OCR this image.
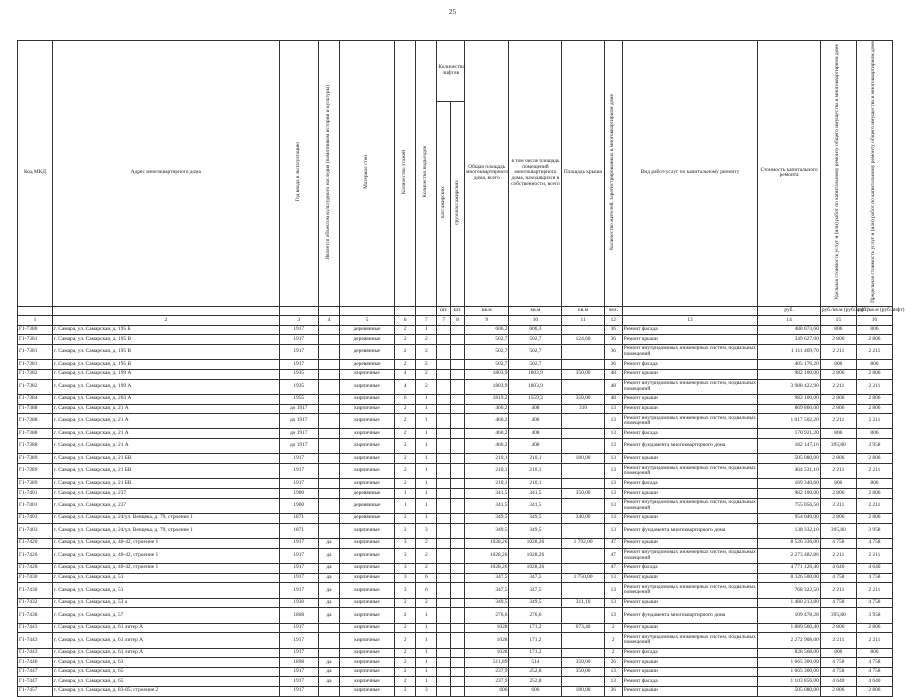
25
Код МКД	Адрес многоквартирного дома	Год ввода в эксплуатацию	Является объектом культурного наследия (памятником истории и культуры)	Материал стен	Количество этажей	Количество подъездов	Количество лифтов		Общая площадь многоквартирного дома, всего	в том числе площадь помещений многоквартирного дома, находящихся в собственности, всего	Площадь крыши	Количество жителей, зарегистрированных в многоквартирном доме	Вид работ/услуг по капитальному ремонту	Стоимость капитального ремонта	Удельная стоимость услуг и (или) работ по капитальному ремонту общего имущества в многоквартирном доме	Предельная стоимость услуг и (или) работ по капитальному ремонту общего имущества в многоквартирном доме
							пассажирских	грузопассажирских								
							шт.	шт.	кв.м	кв.м	кв.м	чел.		руб.	руб./кв.м (руб/лифт)	руб./кв.м (руб/лифт)
1	2	3	4	5	6	7	7	8	9	10	11	12	13	14	15	16
Г1-7380	г. Самара, ул. Самарская, д. 195 Б	1917		деревянные	2	1			606,3	606,3		36	Ремонт фасада	488 673,60	806	806
Г1-7381	г. Самара, ул. Самарская, д. 195 В	1917		деревянные	2	2			502,7	502,7	124,60	36	Ремонт крыши	349 627,00	2 806	2 806
Г1-7381	г. Самара, ул. Самарская, д. 195 В	1917		деревянные	2	2			502,7	502,7		36	Ремонт внутридомовых инженерных систем, подвальных помещений	1 111 469,70	2 211	2 211
Г1-7381	г. Самара, ул. Самарская, д. 195 В	1917		деревянные	2	2			502,7	502,7		36	Ремонт фасада	405 176,20	806	806
Г1-7382	г. Самара, ул. Самарская, д. 199 А	1935		кирпичные	4	2			1803,9	1803,9	350,00	48	Ремонт крыши	982 100,00	2 806	2 806
Г1-7382	г. Самара, ул. Самарская, д. 199 А	1935		кирпичные	4	2			1803,9	1803,9		48	Ремонт внутридомовых инженерных систем, подвальных помещений	3 988 422,90	2 211	2 211
Г1-7384	г. Самара, ул. Самарская, д. 203 А	1955		кирпичные	6	1			1819,2	1559,3	350,00	48	Ремонт крыши	982 100,00	2 806	2 806
Г1-7388	г. Самара, ул. Самарская, д. 21 А	до 1917		кирпичные	2	1			460,2	408	310	13	Ремонт крыши	869 860,00	2 806	2 806
Г1-7388	г. Самара, ул. Самарская, д. 21 А	до 1917		кирпичные	2	1			460,2	408		13	Ремонт внутридомовых инженерных систем, подвальных помещений	1 017 502,20	2 211	2 211
Г1-7388	г. Самара, ул. Самарская, д. 21 А	до 1917		кирпичные	2	1			460,2	408		13	Ремонт фасада	170 921,20	806	806
Г1-7388	г. Самара, ул. Самарская, д. 21 А	до 1917		кирпичные	2	1			460,2	408		13	Ремонт фундамента многоквартирного дома	182 147,16	395,80	3 958
Г1-7389	г. Самара, ул. Самарская, д. 21 БВ	1917		кирпичные	2	1			210,1	210,1	180,00	13	Ремонт крыши	505 080,00	2 806	2 806
Г1-7389	г. Самара, ул. Самарская, д. 21 БВ	1917		кирпичные	2	1			210,1	210,1		13	Ремонт внутридомовых инженерных систем, подвальных помещений	464 531,10	2 211	2 211
Г1-7389	г. Самара, ул. Самарская, д. 21 БВ	1917		кирпичные	2	1			210,1	210,1		13	Ремонт фасада	169 340,60	806	806
Г1-7401	г. Самара, ул. Самарская, д. 237	1900		деревянные	1	1			341,5	341,5	350,00	13	Ремонт крыши	982 100,00	2 806	2 806
Г1-7401	г. Самара, ул. Самарская, д. 237	1900		деревянные	1	1			341,5	341,5		13	Ремонт внутридомовых инженерных систем, подвальных помещений	755 056,50	2 211	2 211
Г1-7403	г. Самара, ул. Самарская, д. 24/ул. Венцека, д. 79, строение 1	1871		деревянные	2	1			349,5	349,5	340,00	13	Ремонт крыши	954 040,00	2 806	2 806
Г1-7403	г. Самара, ул. Самарская, д. 24/ул. Венцека, д. 79, строение 1	1871		кирпичные	2	3			349,5	349,5		13	Ремонт фундамента многоквартирного дома	138 332,10	395,80	3 958
Г1-7420	г. Самара, ул. Самарская, д. 40-42, строение 1	1917	да	кирпичные	3	2			1028,26	1028,26	1 792,00	47	Ремонт крыши	8 526 336,00	4 758	4 758
Г1-7420	г. Самара, ул. Самарская, д. 40-42, строение 1	1917	да	кирпичные	3	2			1028,26	1028,26		47	Ремонт внутридомовых инженерных систем, подвальных помещений	2 273 482,86	2 211	2 211
Г1-7420	г. Самара, ул. Самарская, д. 40-42, строение 1	1917	да	кирпичные	3	2			1028,26	1028,26		47	Ремонт фасада	4 771 126,40	4 640	4 640
Г1-7430	г. Самара, ул. Самарская, д. 51	1917	да	кирпичные	3	6			347,5	347,5	1 750,00	13	Ремонт крыши	8 326 500,00	4 758	4 758
Г1-7430	г. Самара, ул. Самарская, д. 51	1917	да	кирпичные	3	6			347,5	347,5		13	Ремонт внутридомовых инженерных систем, подвальных помещений	768 322,50	2 211	2 211
Г1-7432	г. Самара, ул. Самарская, д. 53 а	1930	да	кирпичные	2	2			349,5	349,5	311,10	13	Ремонт крыши	1 480 213,80	4 758	4 758
Г1-7438	г. Самара, ул. Самарская, д. 57	1868	да	кирпичные	2	1			276,6	276,6		13	Ремонт фундамента многоквартирного дома	109 478,28	395,80	3 958
Г1-7443	г. Самара, ул. Самарская, д. 61 литер А	1917		кирпичные	2	1			1028	171,2	673,40	2	Ремонт крыши	1 889 560,40	2 806	2 806
Г1-7443	г. Самара, ул. Самарская, д. 61 литер А	1917		кирпичные	2	1			1028	171,2		2	Ремонт внутридомовых инженерных систем, подвальных помещений	2 272 908,00	2 211	2 211
Г1-7443	г. Самара, ул. Самарская, д. 61 литер А	1917		кирпичные	2	1			1028	171,2		2	Ремонт фасада	828 568,00	806	806
Г1-7446	г. Самара, ул. Самарская, д. 63	1898	да	кирпичные	2	1			511,89	514	350,00	26	Ремонт крыши	1 665 300,00	4 758	4 758
Г1-7447	г. Самара, ул. Самарская, д. 65	1917	да	кирпичные	2	1			237,9	252,8	350,00	13	Ремонт крыши	1 665 300,00	4 758	4 758
Г1-7447	г. Самара, ул. Самарская, д. 65	1917	да	кирпичные	2	1			237,9	252,8		13	Ремонт фасада	1 103 856,00	4 640	4 640
Г1-7457	г. Самара, ул. Самарская, д. 83-85, строение 2	1917		кирпичные	2	3			606	606	180,00	36	Ремонт крыши	505 080,00	2 806	2 806
